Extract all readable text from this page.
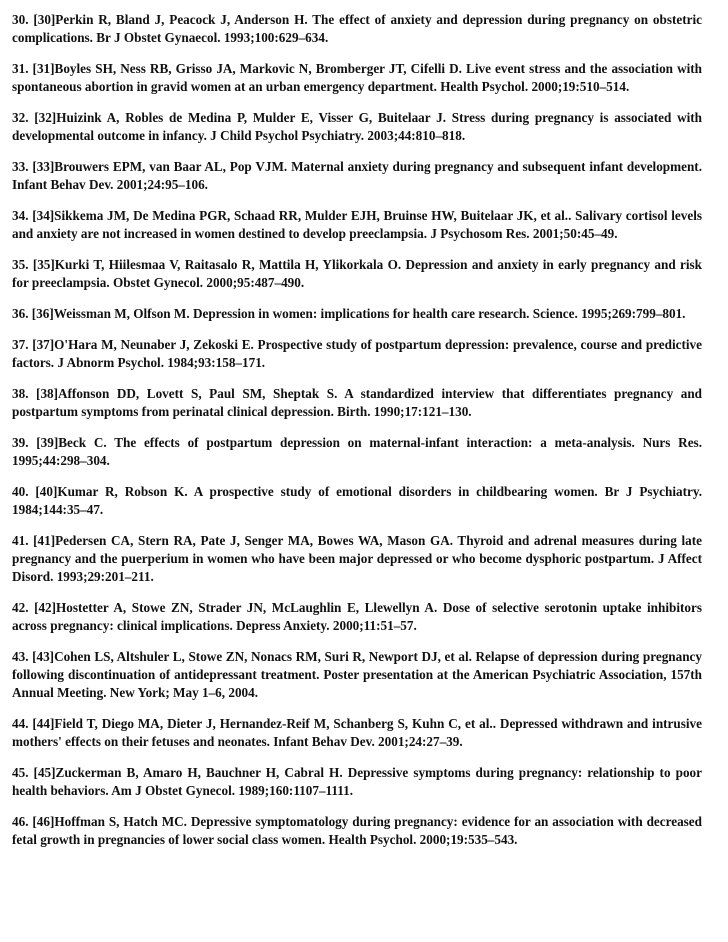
30. [30]Perkin R, Bland J, Peacock J, Anderson H. The effect of anxiety and depression during pregnancy on obstetric complications. Br J Obstet Gynaecol. 1993;100:629–634.

31. [31]Boyles SH, Ness RB, Grisso JA, Markovic N, Bromberger JT, Cifelli D. Live event stress and the association with spontaneous abortion in gravid women at an urban emergency department. Health Psychol. 2000;19:510–514.

32. [32]Huizink A, Robles de Medina P, Mulder E, Visser G, Buitelaar J. Stress during pregnancy is associated with developmental outcome in infancy. J Child Psychol Psychiatry. 2003;44:810–818.

33. [33]Brouwers EPM, van Baar AL, Pop VJM. Maternal anxiety during pregnancy and subsequent infant development. Infant Behav Dev. 2001;24:95–106.

34. [34]Sikkema JM, De Medina PGR, Schaad RR, Mulder EJH, Bruinse HW, Buitelaar JK, et al.. Salivary cortisol levels and anxiety are not increased in women destined to develop preeclampsia. J Psychosom Res. 2001;50:45–49.

35. [35]Kurki T, Hiilesmaa V, Raitasalo R, Mattila H, Ylikorkala O. Depression and anxiety in early pregnancy and risk for preeclampsia. Obstet Gynecol. 2000;95:487–490.

36. [36]Weissman M, Olfson M. Depression in women: implications for health care research. Science. 1995;269:799–801.

37. [37]O'Hara M, Neunaber J, Zekoski E. Prospective study of postpartum depression: prevalence, course and predictive factors. J Abnorm Psychol. 1984;93:158–171.

38. [38]Affonson DD, Lovett S, Paul SM, Sheptak S. A standardized interview that differentiates pregnancy and postpartum symptoms from perinatal clinical depression. Birth. 1990;17:121–130.

39. [39]Beck C. The effects of postpartum depression on maternal-infant interaction: a meta-analysis. Nurs Res. 1995;44:298–304.

40. [40]Kumar R, Robson K. A prospective study of emotional disorders in childbearing women. Br J Psychiatry. 1984;144:35–47.

41. [41]Pedersen CA, Stern RA, Pate J, Senger MA, Bowes WA, Mason GA. Thyroid and adrenal measures during late pregnancy and the puerperium in women who have been major depressed or who become dysphoric postpartum. J Affect Disord. 1993;29:201–211.

42. [42]Hostetter A, Stowe ZN, Strader JN, McLaughlin E, Llewellyn A. Dose of selective serotonin uptake inhibitors across pregnancy: clinical implications. Depress Anxiety. 2000;11:51–57.

43. [43]Cohen LS, Altshuler L, Stowe ZN, Nonacs RM, Suri R, Newport DJ, et al. Relapse of depression during pregnancy following discontinuation of antidepressant treatment. Poster presentation at the American Psychiatric Association, 157th Annual Meeting. New York; May 1–6, 2004.

44. [44]Field T, Diego MA, Dieter J, Hernandez-Reif M, Schanberg S, Kuhn C, et al.. Depressed withdrawn and intrusive mothers' effects on their fetuses and neonates. Infant Behav Dev. 2001;24:27–39.

45. [45]Zuckerman B, Amaro H, Bauchner H, Cabral H. Depressive symptoms during pregnancy: relationship to poor health behaviors. Am J Obstet Gynecol. 1989;160:1107–1111.

46. [46]Hoffman S, Hatch MC. Depressive symptomatology during pregnancy: evidence for an association with decreased fetal growth in pregnancies of lower social class women. Health Psychol. 2000;19:535–543.
